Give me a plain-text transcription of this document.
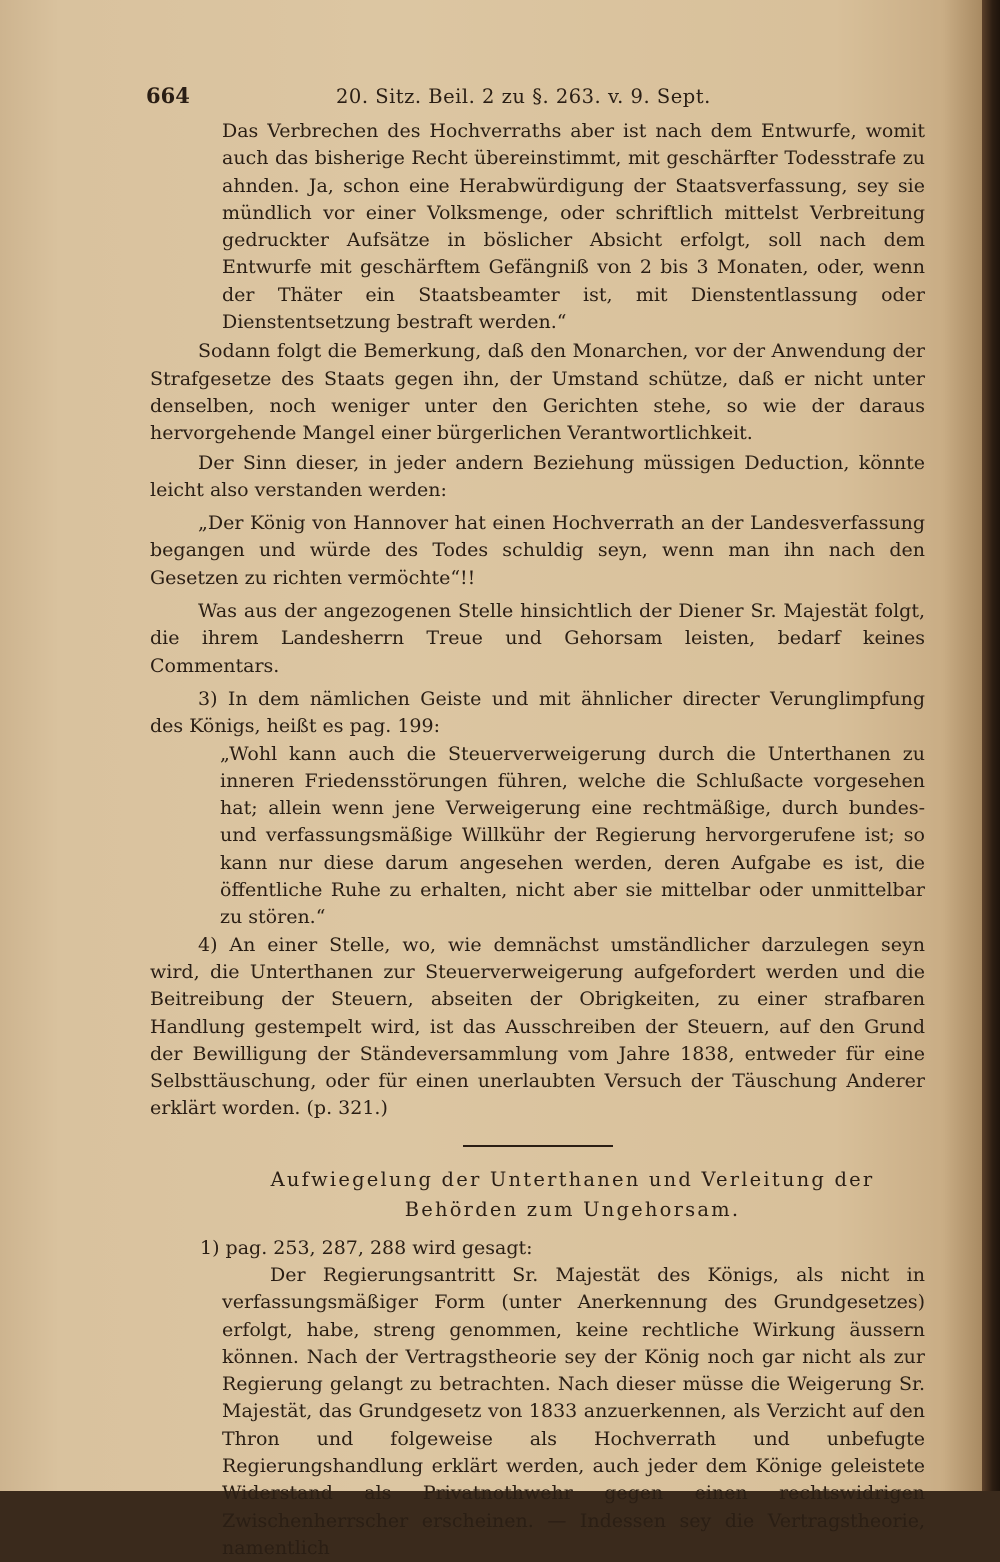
664	20. Sitz. Beil. 2 zu §. 263. v. 9. Sept.

Das Verbrechen des Hochverraths aber ist nach dem Entwurfe, womit auch das bisherige Recht übereinstimmt, mit geschärfter Todesstrafe zu ahnden. Ja, schon eine Herabwürdigung der Staatsverfassung, sey sie mündlich vor einer Volksmenge, oder schriftlich mittelst Verbreitung gedruckter Aufsätze in böslicher Absicht erfolgt, soll nach dem Entwurfe mit geschärftem Gefängniß von 2 bis 3 Monaten, oder, wenn der Thäter ein Staatsbeamter ist, mit Dienstentlassung oder Dienstentsetzung bestraft werden.“

Sodann folgt die Bemerkung, daß den Monarchen, vor der Anwendung der Strafgesetze des Staats gegen ihn, der Umstand schütze, daß er nicht unter denselben, noch weniger unter den Gerichten stehe, so wie der daraus hervorgehende Mangel einer bürgerlichen Verantwortlichkeit.

Der Sinn dieser, in jeder andern Beziehung müssigen Deduction, könnte leicht also verstanden werden:

„Der König von Hannover hat einen Hochverrath an der Landesverfassung begangen und würde des Todes schuldig seyn, wenn man ihn nach den Gesetzen zu richten vermöchte“!!

Was aus der angezogenen Stelle hinsichtlich der Diener Sr. Majestät folgt, die ihrem Landesherrn Treue und Gehorsam leisten, bedarf keines Commentars.

3) In dem nämlichen Geiste und mit ähnlicher directer Verunglimpfung des Königs, heißt es pag. 199:

„Wohl kann auch die Steuerverweigerung durch die Unterthanen zu inneren Friedensstörungen führen, welche die Schlußacte vorgesehen hat; allein wenn jene Verweigerung eine rechtmäßige, durch bundes- und verfassungsmäßige Willkühr der Regierung hervorgerufene ist; so kann nur diese darum angesehen werden, deren Aufgabe es ist, die öffentliche Ruhe zu erhalten, nicht aber sie mittelbar oder unmittelbar zu stören.“

4) An einer Stelle, wo, wie demnächst umständlicher darzulegen seyn wird, die Unterthanen zur Steuerverweigerung aufgefordert werden und die Beitreibung der Steuern, abseiten der Obrigkeiten, zu einer strafbaren Handlung gestempelt wird, ist das Ausschreiben der Steuern, auf den Grund der Bewilligung der Ständeversammlung vom Jahre 1838, entweder für eine Selbsttäuschung, oder für einen unerlaubten Versuch der Täuschung Anderer erklärt worden. (p. 321.)

Aufwiegelung der Unterthanen und Verleitung der Behörden zum Ungehorsam.

1) pag. 253, 287, 288 wird gesagt:

Der Regierungsantritt Sr. Majestät des Königs, als nicht in verfassungsmäßiger Form (unter Anerkennung des Grundgesetzes) erfolgt, habe, streng genommen, keine rechtliche Wirkung äussern können. Nach der Vertragstheorie sey der König noch gar nicht als zur Regierung gelangt zu betrachten. Nach dieser müsse die Weigerung Sr. Majestät, das Grundgesetz von 1833 anzuerkennen, als Verzicht auf den Thron und folgeweise als Hochverrath und unbefugte Regierungshandlung erklärt werden, auch jeder dem Könige geleistete Widerstand als Privatnothwehr gegen einen rechtswidrigen Zwischenherrscher erscheinen. — Indessen sey die Vertragstheorie, namentlich
